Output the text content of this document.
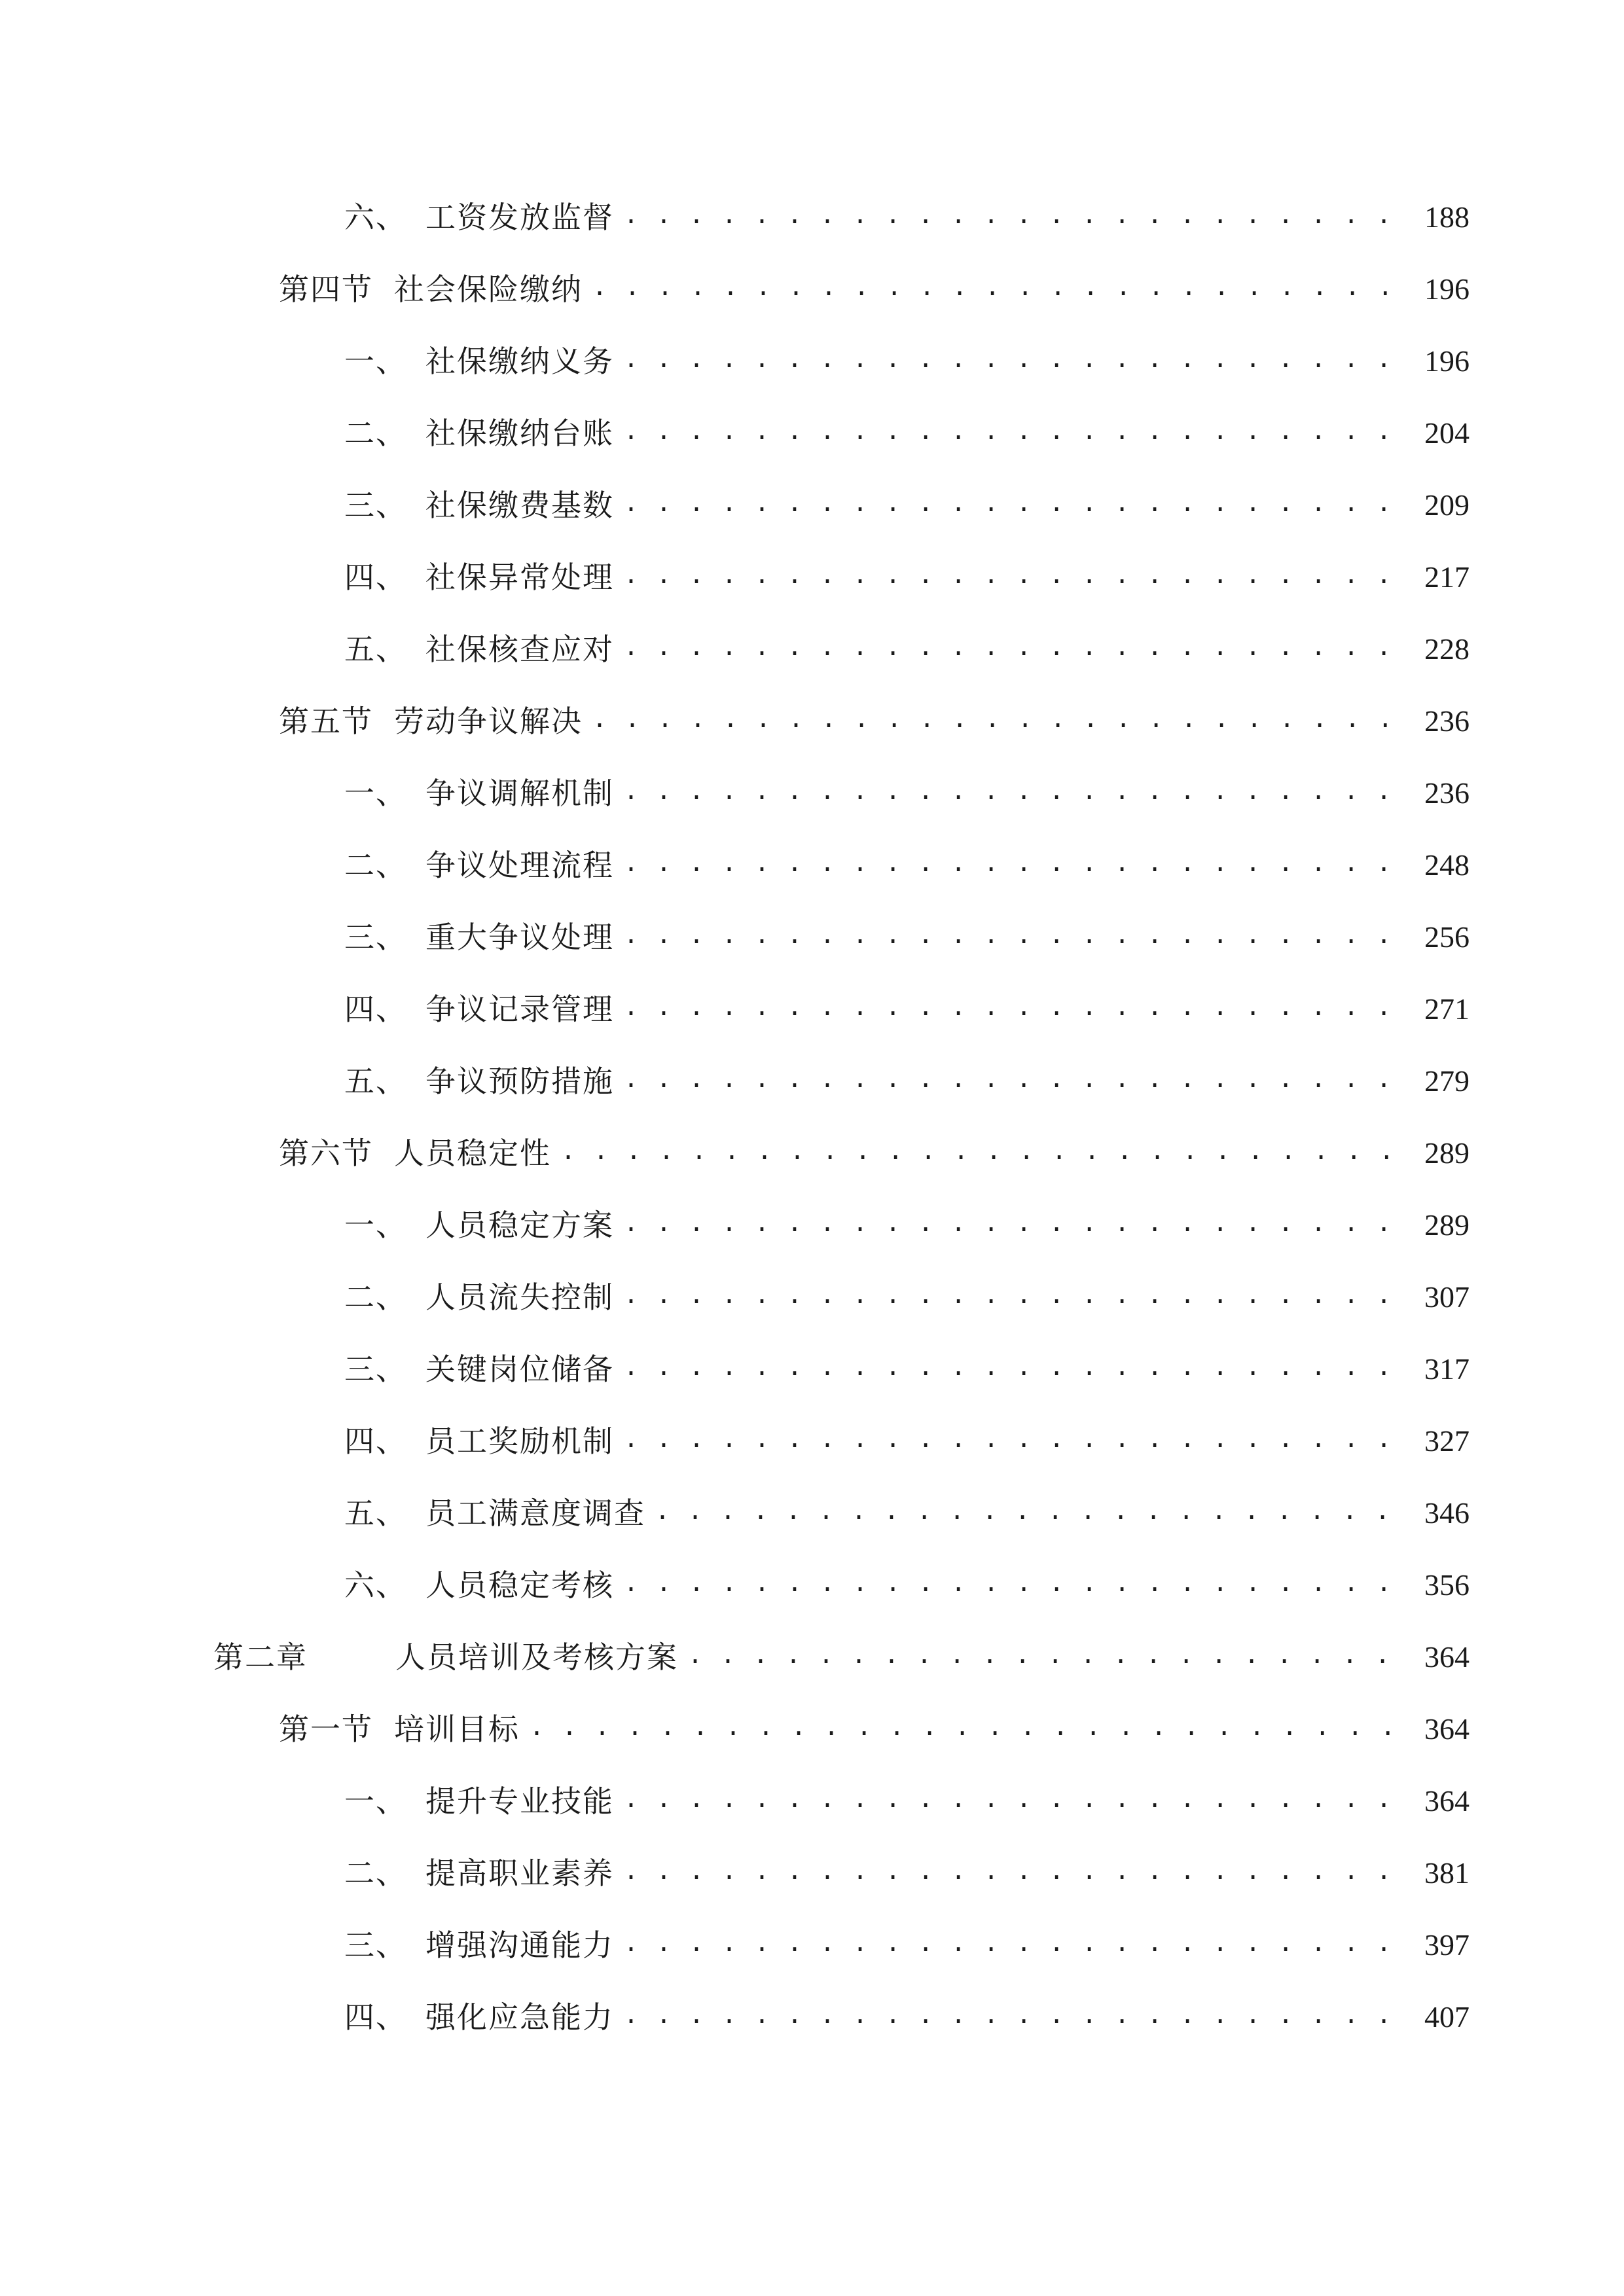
六、 工资发放监督 . . .	188
第四节 社会保险缴纳 . . .	196
一、 社保缴纳义务 . . .	196
二、 社保缴纳台账 . . .	204
三、 社保缴费基数 . . .	209
四、 社保异常处理 . . .	217
五、 社保核查应对 . . .	228
第五节 劳动争议解决 . . .	236
一、 争议调解机制 . . .	236
二、 争议处理流程 . . .	248
三、 重大争议处理 . . .	256
四、 争议记录管理 . . .	271
五、 争议预防措施 . . .	279
第六节 人员稳定性 . . .	289
一、 人员稳定方案 . . .	289
二、 人员流失控制 . . .	307
三、 关键岗位储备 . . .	317
四、 员工奖励机制 . . .	327
五、 员工满意度调查 . . .	346
六、 人员稳定考核 . . .	356
第二章	人员培训及考核方案 . . .	364
第一节 培训目标 . . .	364
一、 提升专业技能 . . .	364
二、 提高职业素养 . . .	381
三、 增强沟通能力 . . .	397
四、 强化应急能力 . . .	407
